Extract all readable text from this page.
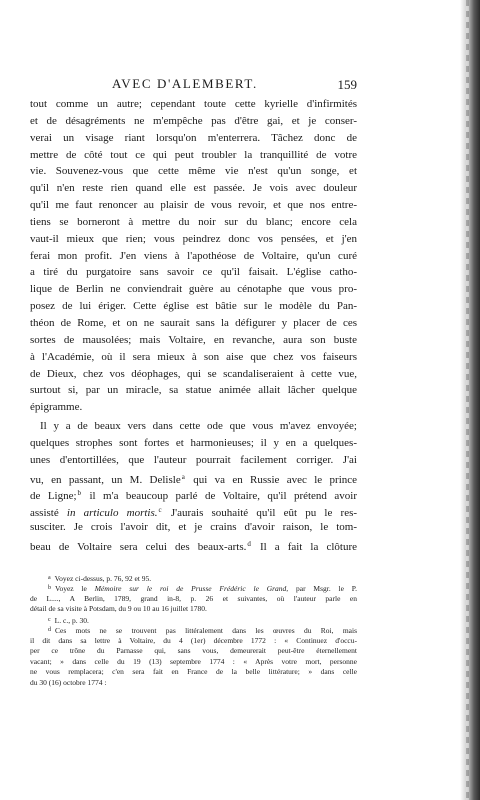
AVEC D'ALEMBERT.	159
tout comme un autre; cependant toute cette kyrielle d'infirmités
et de désagréments ne m'empêche pas d'être gai, et je conser-
verai un visage riant lorsqu'on m'enterrera. Tâchez donc de
mettre de côté tout ce qui peut troubler la tranquillité de votre
vie. Souvenez-vous que cette même vie n'est qu'un songe, et
qu'il n'en reste rien quand elle est passée. Je vois avec douleur
qu'il me faut renoncer au plaisir de vous revoir, et que nos entre-
tiens se borneront à mettre du noir sur du blanc; encore cela
vaut-il mieux que rien; vous peindrez donc vos pensées, et j'en
ferai mon profit. J'en viens à l'apothéose de Voltaire, qu'un curé
a tiré du purgatoire sans savoir ce qu'il faisait. L'église catho-
lique de Berlin ne conviendrait guère au cénotaphe que vous pro-
posez de lui ériger. Cette église est bâtie sur le modèle du Pan-
théon de Rome, et on ne saurait sans la défigurer y placer de ces
sortes de mausolées; mais Voltaire, en revanche, aura son buste
à l'Académie, où il sera mieux à son aise que chez vos faiseurs
de Dieux, chez vos déophages, qui se scandaliseraient à cette vue,
surtout si, par un miracle, sa statue animée allait lâcher quelque
épigramme.
Il y a de beaux vers dans cette ode que vous m'avez envoyée;
quelques strophes sont fortes et harmonieuses; il y en a quelques-
unes d'entortillées, que l'auteur pourrait facilement corriger. J'ai
vu, en passant, un M. Delisle$^a$ qui va en Russie avec le prince
de Ligne;$^b$ il m'a beaucoup parlé de Voltaire, qu'il prétend avoir
assisté in articulo mortis.$^c$ J'aurais souhaité qu'il eût pu le res-
susciter. Je crois l'avoir dit, et je crains d'avoir raison, le tom-
beau de Voltaire sera celui des beaux-arts.$^d$ Il a fait la clôture
$^a$ Voyez ci-dessus, p. 76, 92 et 95.
$^b$ Voyez le Mémoire sur le roi de Prusse Frédéric le Grand, par Msgr. le P.
de L...., A Berlin, 1789, grand in-8, p. 26 et suivantes, où l'auteur parle en
détail de sa visite à Potsdam, du 9 ou 10 au 16 juillet 1780.
$^c$ L. c., p. 30.
$^d$ Ces mots ne se trouvent pas littéralement dans les œuvres du Roi, mais
il dit dans sa lettre à Voltaire, du 4 (1er) décembre 1772 : « Continuez d'occu-
per ce trône du Parnasse qui, sans vous, demeurerait peut-être éternellement
vacant; » dans celle du 19 (13) septembre 1774 : « Après votre mort, personne
ne vous remplacera; c'en sera fait en France de la belle littérature; » dans celle
du 30 (16) octobre 1774 :
